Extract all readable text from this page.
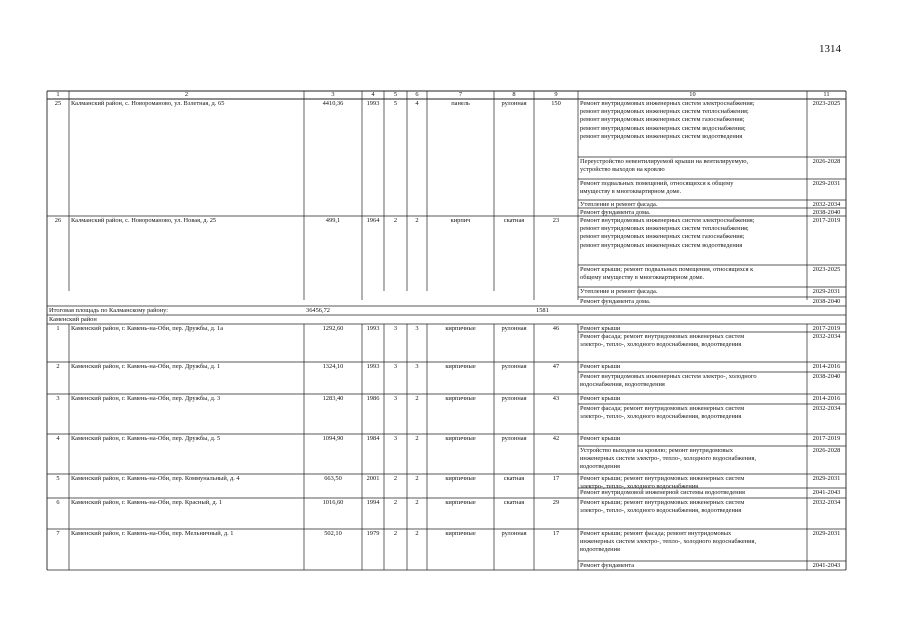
1314
1	2	3	4	5	6	7	8	9	10	11
25	Калманский район, с. Новороманово, ул. Взлетная, д. 65	4410,36	1993	5	4	панель	рулонная	150	Ремонт внутридомовых инженерных систем электроснабжения;
ремонт внутридомовых инженерных систем теплоснабжения;
ремонт внутридомовых инженерных систем газоснабжения;
ремонт внутридомовых инженерных систем водоснабжения;
ремонт внутридомовых инженерных систем водоотведения
2023-2025
Переустройство невентилируемой крыши на вентилируемую,
устройство выходов на кровлю
2026-2028
Ремонт подвальных помещений, относящихся к общему
имуществу в многоквартирном доме.
2029-2031
Утепление и ремонт фасада.	2032-2034
Ремонт фундамента дома.	2038-2040
26	Калманский район, с. Новороманово, ул. Новая, д. 25	499,1	1964	2	2	кирпич	скатная	23	Ремонт внутридомовых инженерных систем электроснабжения;
ремонт внутридомовых инженерных систем теплоснабжения;
ремонт внутридомовых инженерных систем газоснабжения;
ремонт внутридомовых инженерных систем водоотведения
2017-2019
Ремонт крыши; ремонт подвальных помещения, относящихся к
общему имуществу в многоквартирном доме.
2023-2025
Утепление и ремонт фасада.	2029-2031
Ремонт фундамента дома.	2038-2040
Итоговая площадь по Калманскому району:	36456,72	1581
Каменский район
1	Каменский район, г. Камень-на-Оби, пер. Дружбы, д. 1а	1292,60	1993	3	3	кирпичные	рулонная	46	Ремонт крыши	2017-2019
Ремонт фасада; ремонт внутридомовых инженерных систем
электро-, тепло-, холодного водоснабжения, водоотведения
2032-2034
2	Каменский район, г. Камень-на-Оби, пер. Дружбы, д. 1	1324,10	1993	3	3	кирпичные	рулонная	47	Ремонт крыши	2014-2016
Ремонт внутридомовых инженерных систем электро-, холодного
водоснабжения, водоотведения
2038-2040
3	Каменский район, г. Камень-на-Оби, пер. Дружбы, д. 3	1283,40	1986	3	2	кирпичные	рулонная	43	Ремонт крыши	2014-2016
Ремонт фасада; ремонт внутридомовых инженерных систем
электро-, тепло-, холодного водоснабжения, водоотведения
2032-2034
4	Каменский район, г. Камень-на-Оби, пер. Дружбы, д. 5	1094,90	1984	3	2	кирпичные	рулонная	42	Ремонт крыши	2017-2019
Устройство выходов на кровлю; ремонт внутридомовых
инженерных систем электро-, тепло-, холодного водоснабжения,
водоотведения
2026-2028
5	Каменский район, г. Камень-на-Оби, пер. Коммунальный, д. 4	663,50	2001	2	2	кирпичные	скатная	17	Ремонт крыши; ремонт внутридомовых инженерных систем
электро-, тепло-, холодного водоснабжения
2029-2031
Ремонт внутридомовой инженерной системы водоотведения	2041-2043
6	Каменский район, г. Камень-на-Оби, пер. Красный, д. 1	1016,60	1994	2	2	кирпичные	скатная	29	Ремонт крыши; ремонт внутридомовых инженерных систем
электро-, тепло-, холодного водоснабжения, водоотведения
2032-2034
7	Каменский район, г. Камень-на-Оби, пер. Мельничный, д. 1	502,10	1979	2	2	кирпичные	рулонная	17	Ремонт крыши; ремонт фасада; ремонт внутридомовых
инженерных систем электро-, тепло-, холодного водоснабжения,
водоотведения
2029-2031
Ремонт фундамента	2041-2043
